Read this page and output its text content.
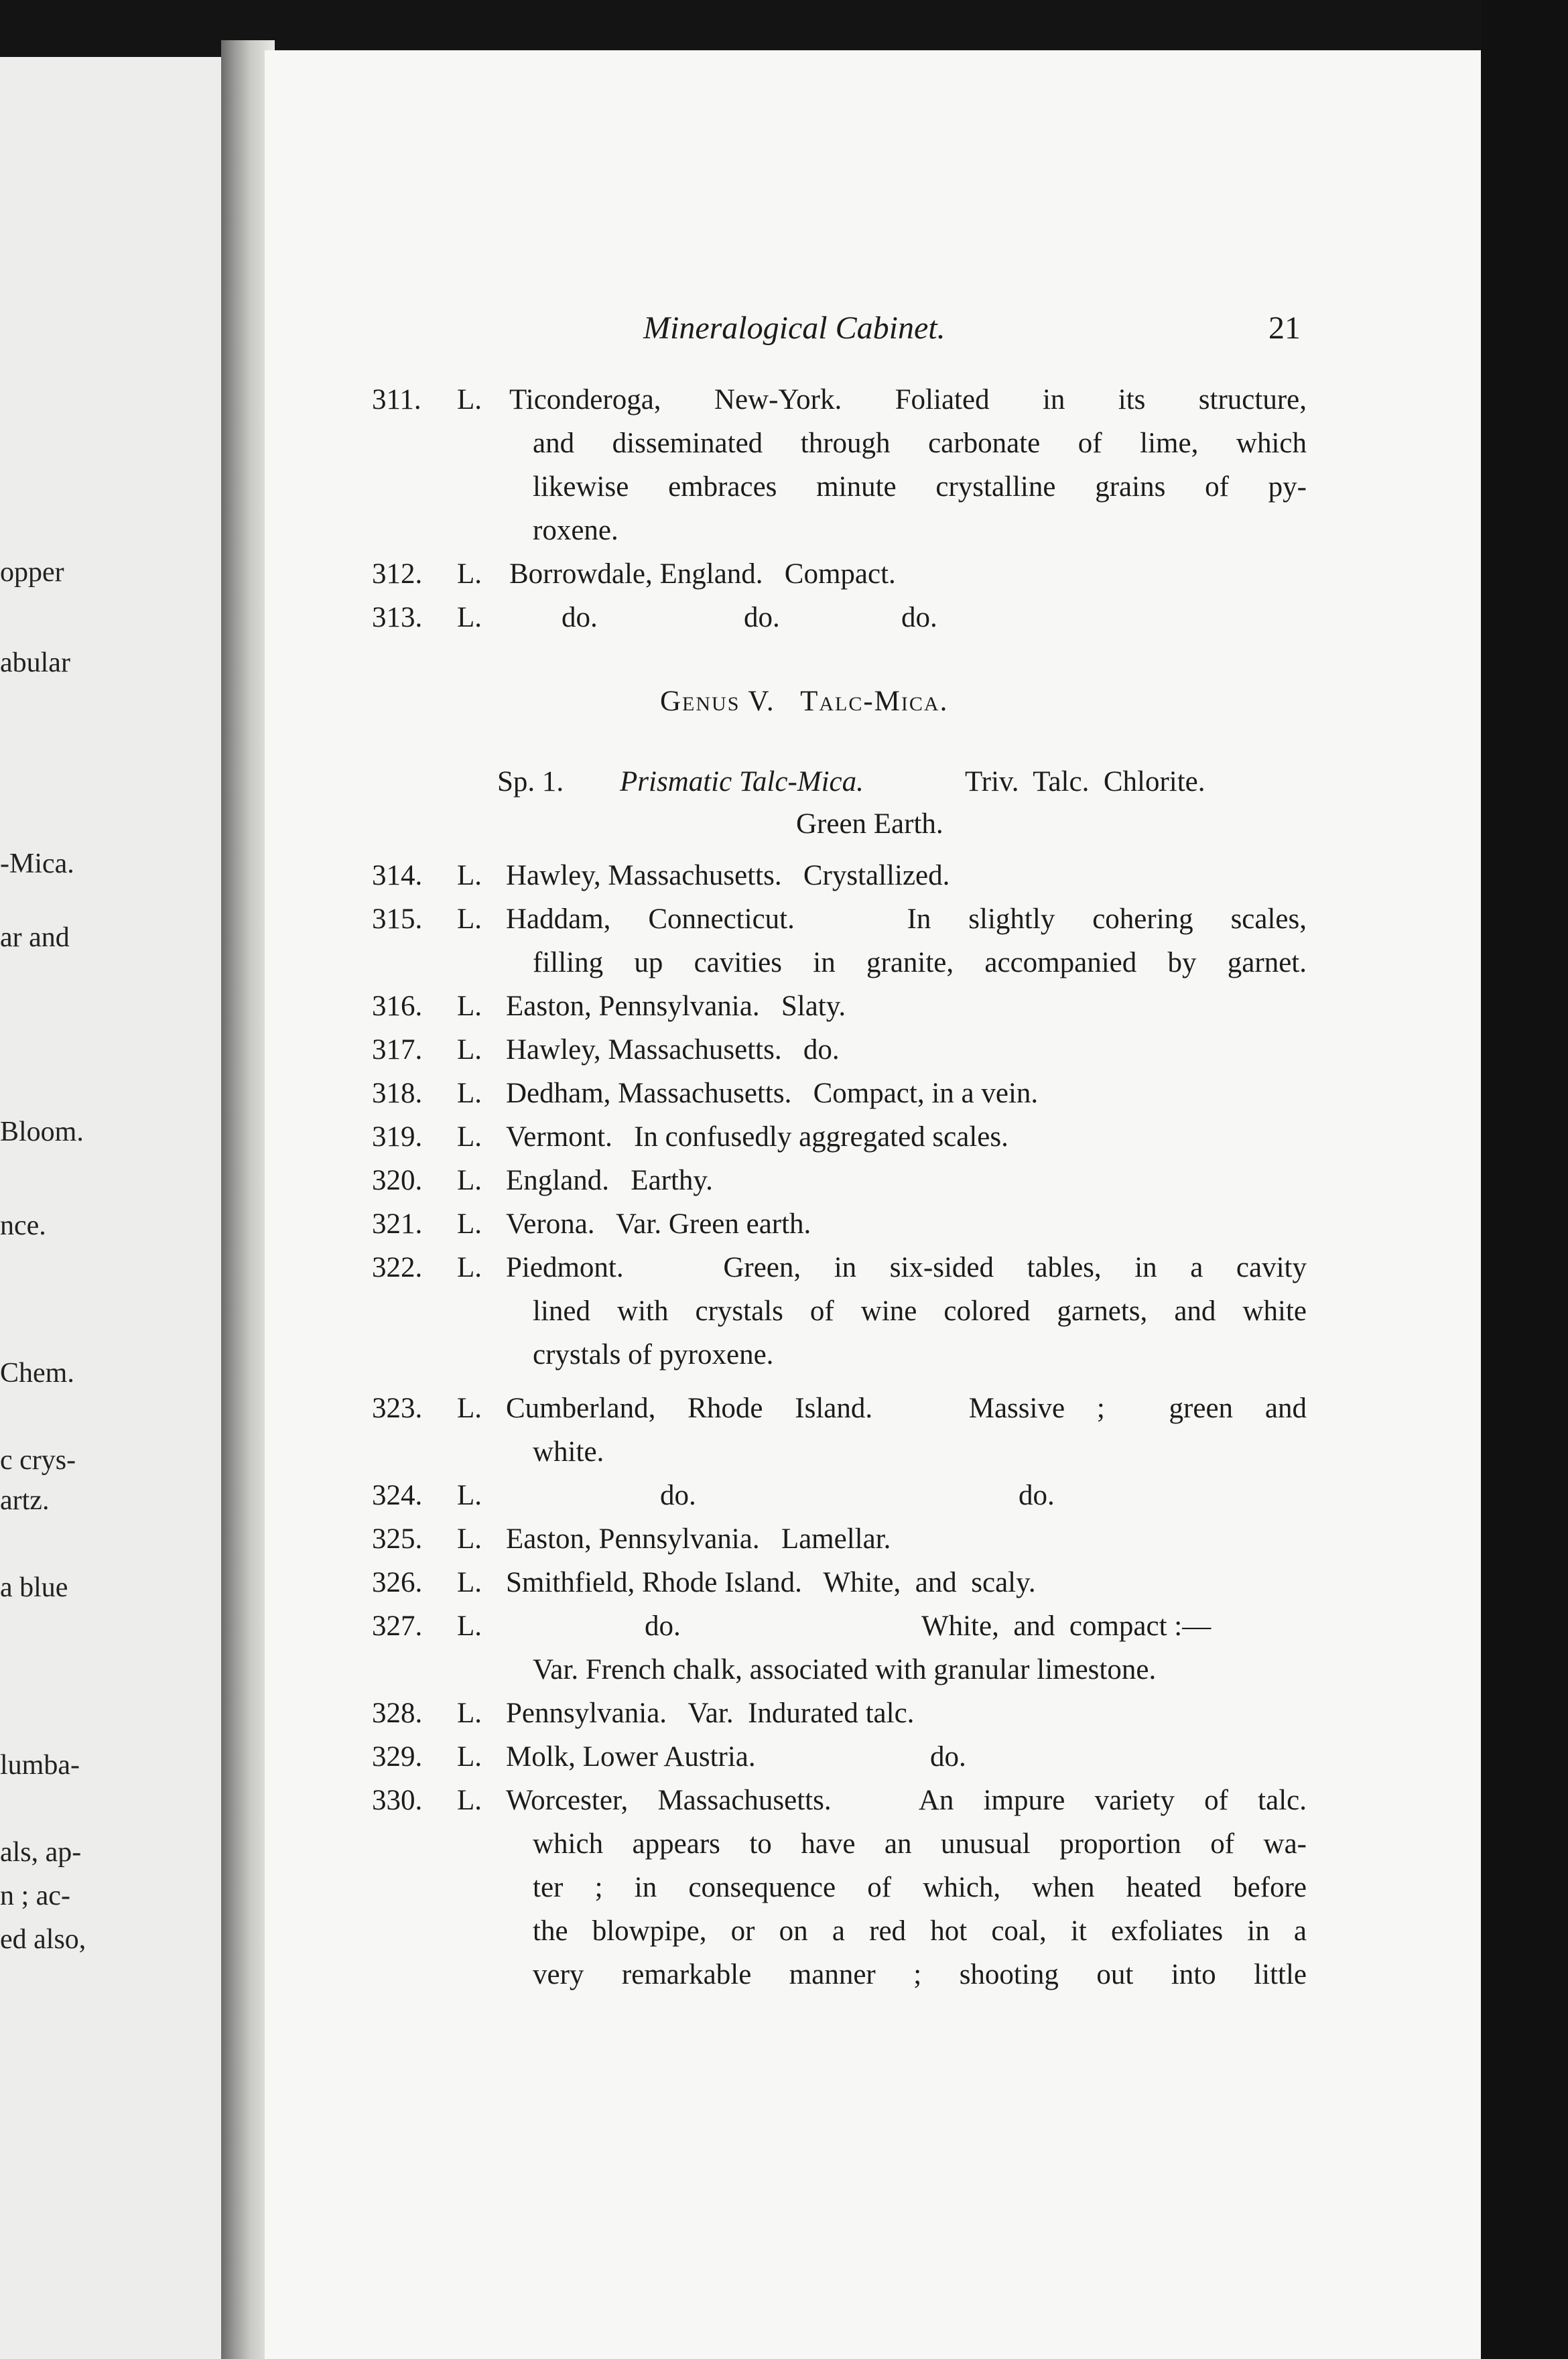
opper
abular
-Mica.
ar and
Bloom.
nce.
Chem.
c crys-
artz.
a blue
lumba-
als, ap-
n ; ac-
ed also,
Mineralogical Cabinet.	21
311. L. Ticonderoga, New-York. Foliated in its structure,
and disseminated through carbonate of lime, which
likewise embraces minute crystalline grains of py-
roxene.
312. L. Borrowdale, England.   Compact.
313. L.	do.	do.	do.
Genus V.   Talc-Mica.
Sp. 1. Prismatic Talc-Mica.	Triv.  Talc.  Chlorite.
Green Earth.
314. L. Hawley, Massachusetts.   Crystallized.
315. L. Haddam, Connecticut.   In slightly cohering scales,
filling up cavities in granite, accompanied by garnet.
316. L. Easton, Pennsylvania.   Slaty.
317. L. Hawley, Massachusetts.   do.
318. L. Dedham, Massachusetts.   Compact, in a vein.
319. L. Vermont.   In confusedly aggregated scales.
320. L. England.   Earthy.
321. L. Verona.   Var. Green earth.
322. L. Piedmont.   Green, in six-sided tables, in a cavity
lined with crystals of wine colored garnets, and white
crystals of pyroxene.
323. L. Cumberland, Rhode Island.   Massive ;  green and
white.
324. L.	do.	do.
325. L. Easton, Pennsylvania.   Lamellar.
326. L. Smithfield, Rhode Island.   White,  and  scaly.
327. L.	do.	White,  and  compact :—
Var. French chalk, associated with granular limestone.
328. L. Pennsylvania.   Var.  Indurated talc.
329. L. Molk, Lower Austria.	do.
330. L. Worcester, Massachusetts.   An impure variety of talc.
which appears to have an unusual proportion of wa-
ter ; in consequence of which, when heated before
the blowpipe, or on a red hot coal, it exfoliates in a
very remarkable manner ; shooting out into little
